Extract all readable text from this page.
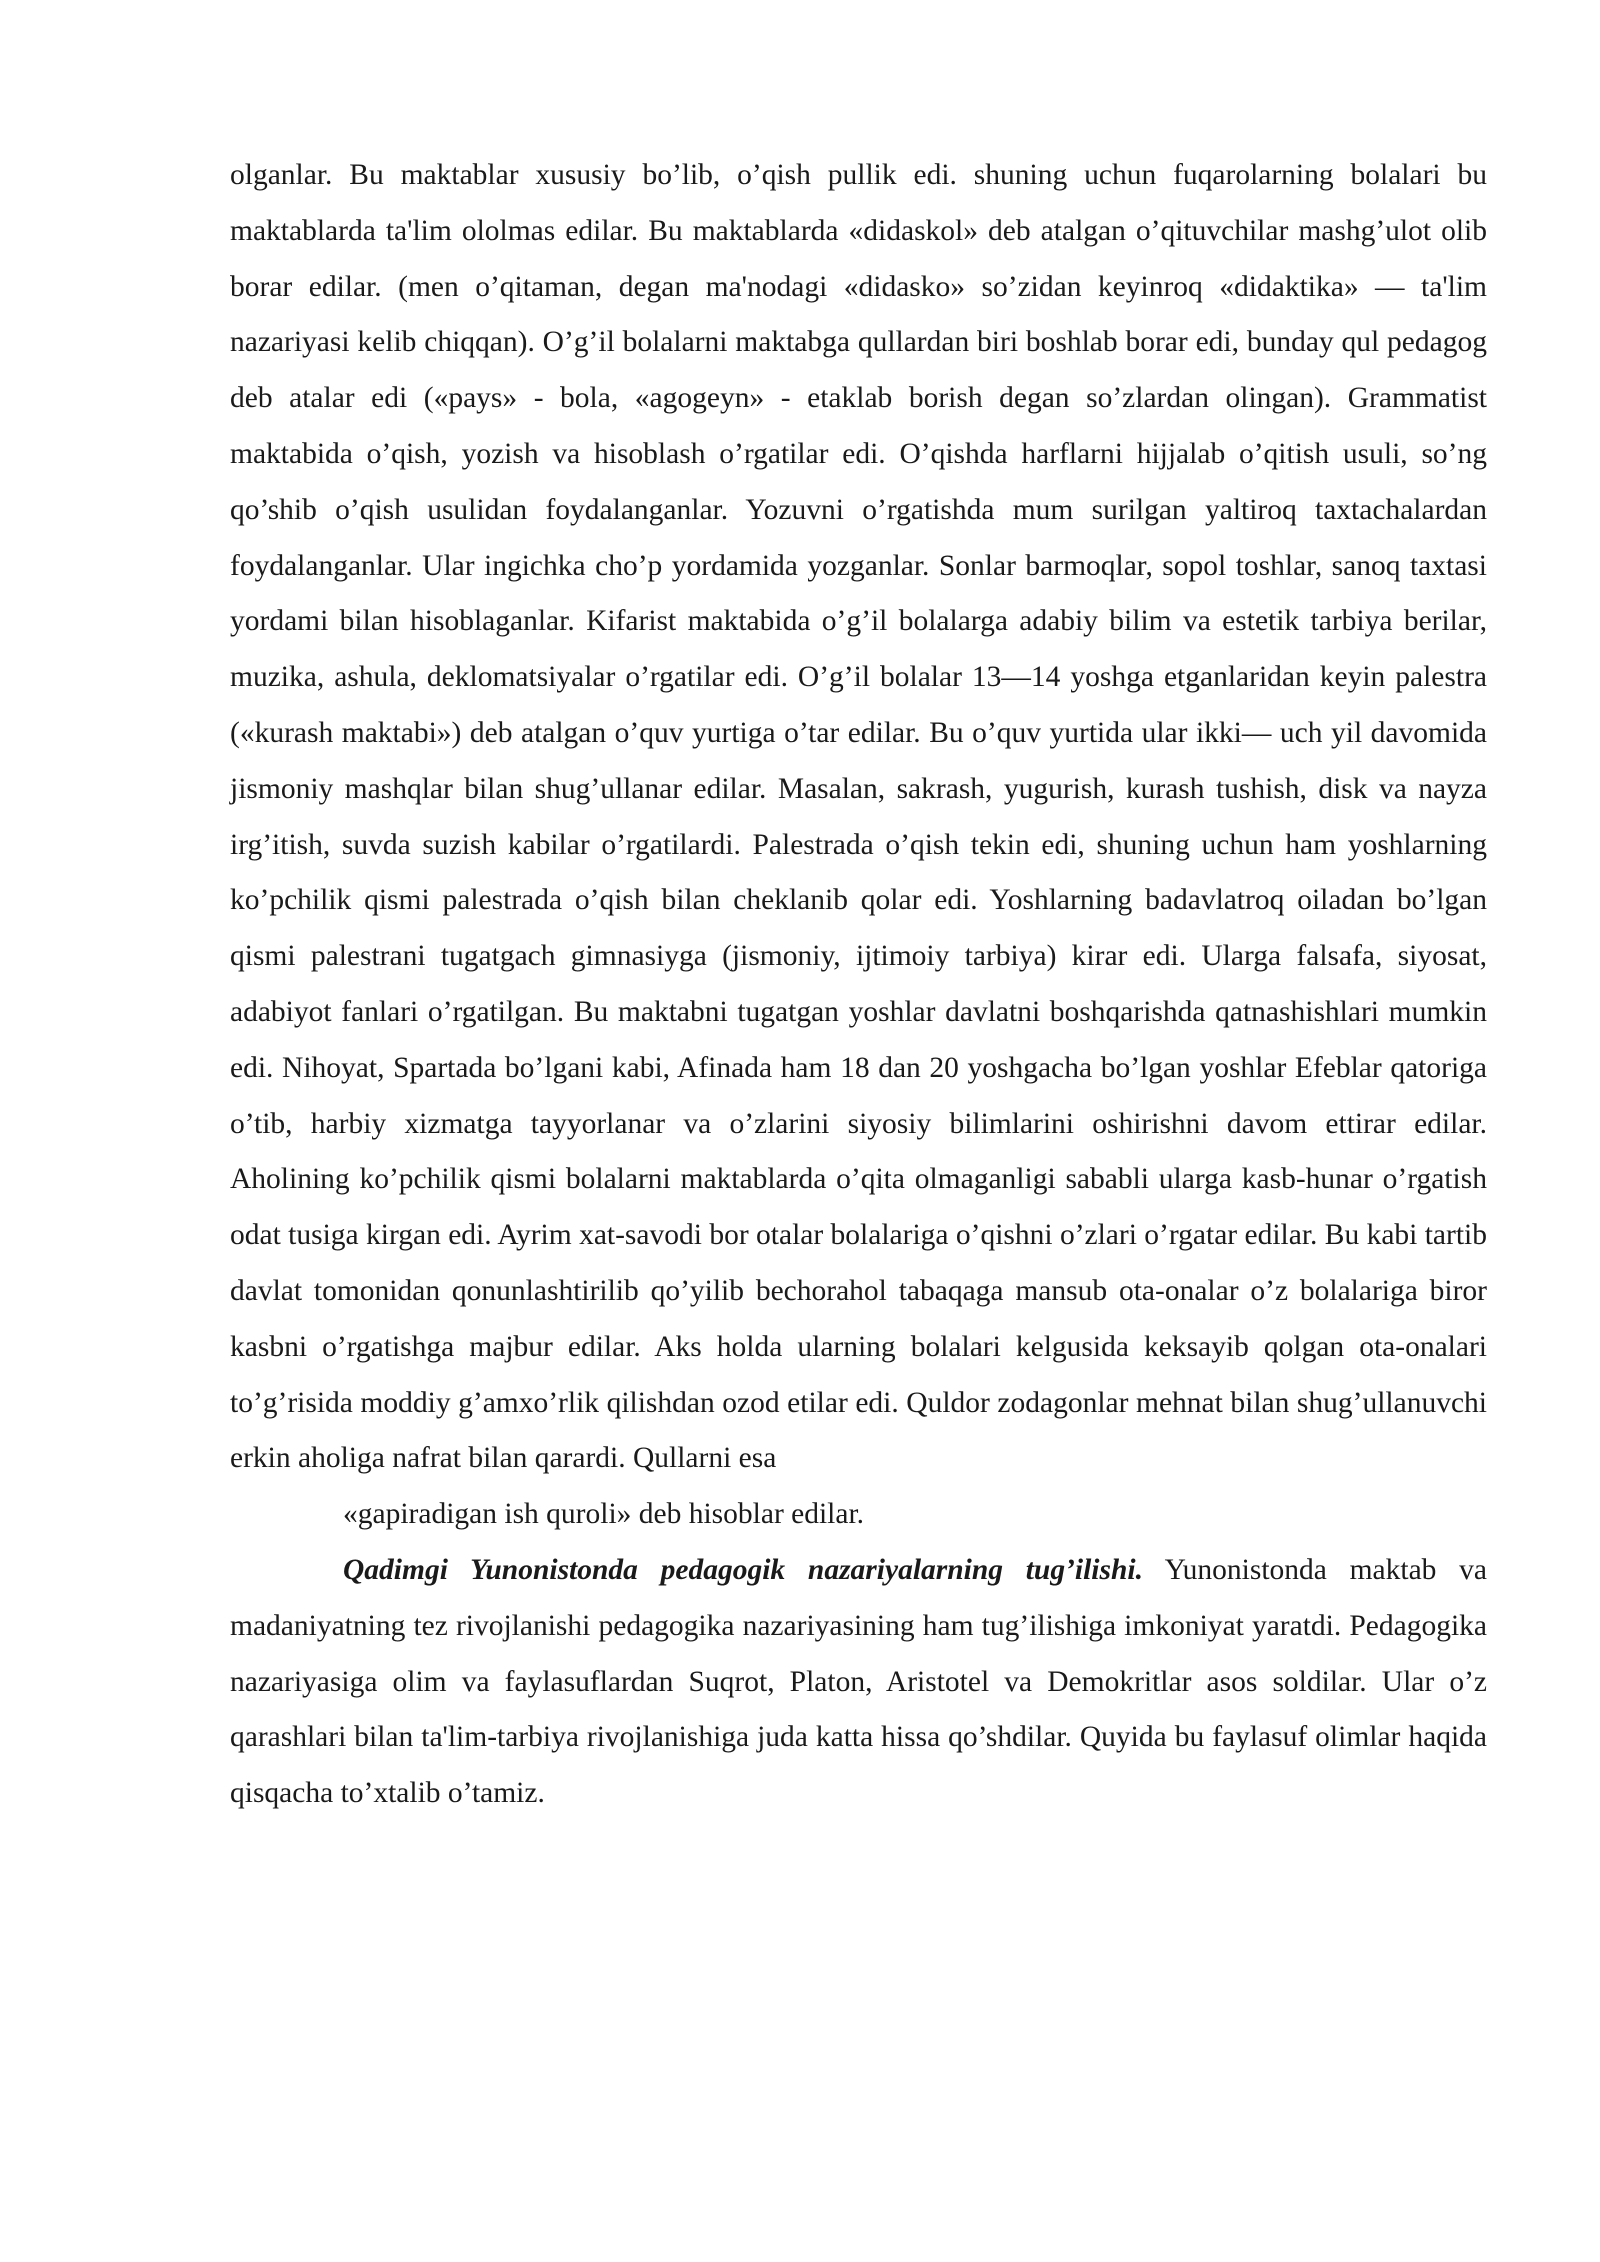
olganlar. Bu maktablar xususiy bo’lib, o’qish pullik edi. shuning uchun fuqarolarning bolalari bu maktablarda ta'lim ololmas edilar. Bu maktablarda «didaskol» deb atalgan o’qituvchilar mashg’ulot olib borar edilar. (men o’qitaman, degan ma'nodagi «didasko» so’zidan keyinroq «didaktika» — ta'lim nazariyasi kelib chiqqan). O’g’il bolalarni maktabga qullardan biri boshlab borar edi, bunday qul pedagog deb atalar edi («pays» - bola, «agogeyn» - etaklab borish degan so’zlardan olingan). Grammatist maktabida o’qish, yozish va hisoblash o’rgatilar edi. O’qishda harflarni hijjalab o’qitish usuli, so’ng qo’shib o’qish usulidan foydalanganlar. Yozuvni o’rgatishda mum surilgan yaltiroq taxtachalardan foydalanganlar. Ular ingichka cho’p yordamida yozganlar. Sonlar barmoqlar, sopol toshlar, sanoq taxtasi yordami bilan hisoblaganlar. Kifarist maktabida o’g’il bolalarga adabiy bilim va estetik tarbiya berilar, muzika, ashula, deklomatsiyalar o’rgatilar edi. O’g’il bolalar 13—14 yoshga etganlaridan keyin palestra («kurash maktabi») deb atalgan o’quv yurtiga o’tar edilar. Bu o’quv yurtida ular ikki— uch yil davomida jismoniy mashqlar bilan shug’ullanar edilar. Masalan, sakrash, yugurish, kurash tushish, disk va nayza irg’itish, suvda suzish kabilar o’rgatilardi. Palestrada o’qish tekin edi, shuning uchun ham yoshlarning ko’pchilik qismi palestrada o’qish bilan cheklanib qolar edi. Yoshlarning badavlatroq oiladan bo’lgan qismi palestrani tugatgach gimnasiyga (jismoniy, ijtimoiy tarbiya) kirar edi. Ularga falsafa, siyosat, adabiyot fanlari o’rgatilgan. Bu maktabni tugatgan yoshlar davlatni boshqarishda qatnashishlari mumkin edi. Nihoyat, Spartada bo’lgani kabi, Afinada ham 18 dan 20 yoshgacha bo’lgan yoshlar Efeblar qatoriga o’tib, harbiy xizmatga tayyorlanar va o’zlarini siyosiy bilimlarini oshirishni davom ettirar edilar. Aholining ko’pchilik qismi bolalarni maktablarda o’qita olmaganligi sababli ularga kasb-hunar o’rgatish odat tusiga kirgan edi. Ayrim xat-savodi bor otalar bolalariga o’qishni o’zlari o’rgatar edilar. Bu kabi tartib davlat tomonidan qonunlashtirilib qo’yilib bechorahol tabaqaga mansub ota-onalar o’z bolalariga biror kasbni o’rgatishga majbur edilar. Aks holda ularning bolalari kelgusida keksayib qolgan ota-onalari to’g’risida moddiy g’amxo’rlik qilishdan ozod etilar edi. Quldor zodagonlar mehnat bilan shug’ullanuvchi erkin aholiga nafrat bilan qarardi. Qullarni esa

«gapiradigan ish quroli» deb hisoblar edilar.

Qadimgi Yunonistonda pedagogik nazariyalarning tug’ilishi. Yunonistonda maktab va madaniyatning tez rivojlanishi pedagogika nazariyasining ham tug’ilishiga imkoniyat yaratdi. Pedagogika nazariyasiga olim va faylasuflardan Suqrot, Platon, Aristotel va Demokritlar asos soldilar. Ular o’z qarashlari bilan ta'lim-tarbiya rivojlanishiga juda katta hissa qo’shdilar. Quyida bu faylasuf olimlar haqida qisqacha to’xtalib o’tamiz.
